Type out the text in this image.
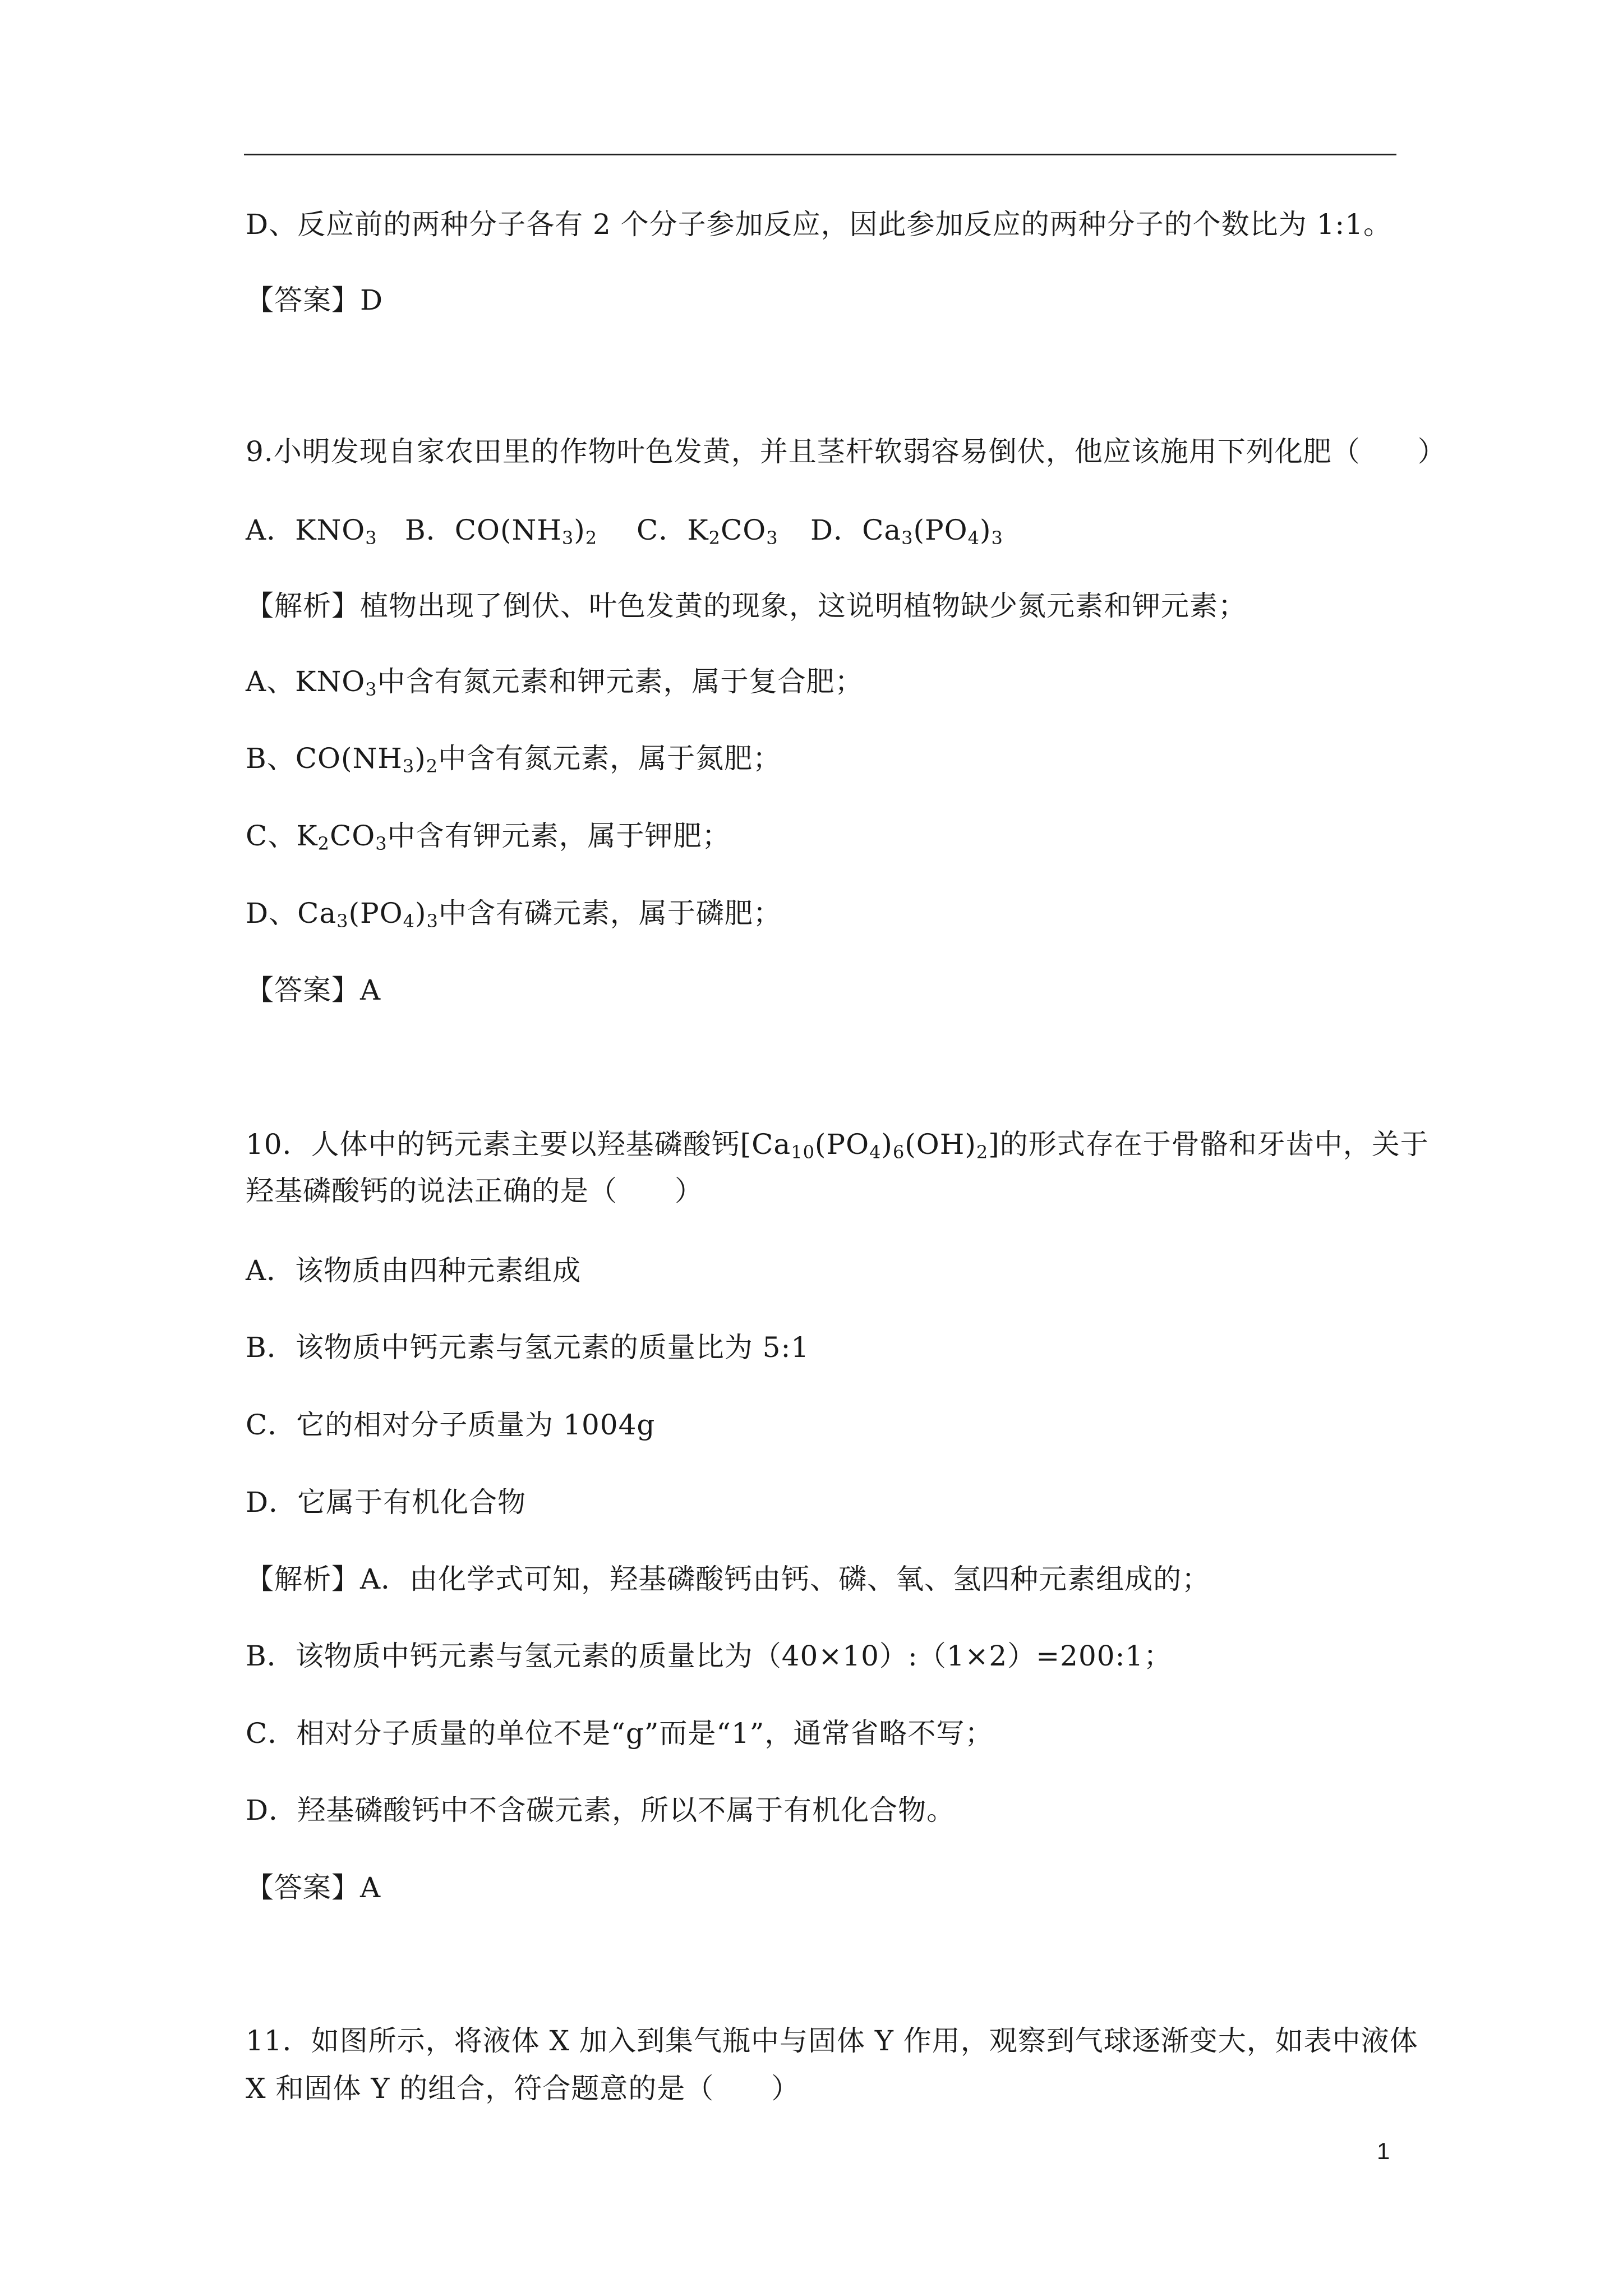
D、反应前的两种分子各有 2 个分子参加反应，因此参加反应的两种分子的个数比为 1:1。
【答案】D
9.小明发现自家农田里的作物叶色发黄，并且茎杆软弱容易倒伏，他应该施用下列化肥（　　）
A．$KNO_3$ B．$CO(NH_3)_2$ C．$K_2CO_3$ D．$Ca_3(PO_4)_3$
【解析】植物出现了倒伏、叶色发黄的现象，这说明植物缺少氮元素和钾元素；
A、$KNO_3$中含有氮元素和钾元素，属于复合肥；
B、$CO(NH_3)_2$中含有氮元素，属于氮肥；
C、$K_2CO_3$中含有钾元素，属于钾肥；
D、$Ca_3(PO_4)_3$中含有磷元素，属于磷肥；
【答案】A
10．人体中的钙元素主要以羟基磷酸钙$[Ca_{10}(PO_4)_6(OH)_2]$的形式存在于骨骼和牙齿中，关于
羟基磷酸钙的说法正确的是（　　）
A．该物质由四种元素组成
B．该物质中钙元素与氢元素的质量比为 5:1
C．它的相对分子质量为 1004g
D．它属于有机化合物
【解析】A．由化学式可知，羟基磷酸钙由钙、磷、氧、氢四种元素组成的；
B．该物质中钙元素与氢元素的质量比为（40×10）:（1×2）=200:1；
C．相对分子质量的单位不是“g”而是“1”，通常省略不写；
D．羟基磷酸钙中不含碳元素，所以不属于有机化合物。
【答案】A
11．如图所示，将液体 X 加入到集气瓶中与固体 Y 作用，观察到气球逐渐变大，如表中液体
X 和固体 Y 的组合，符合题意的是（　　）
1
